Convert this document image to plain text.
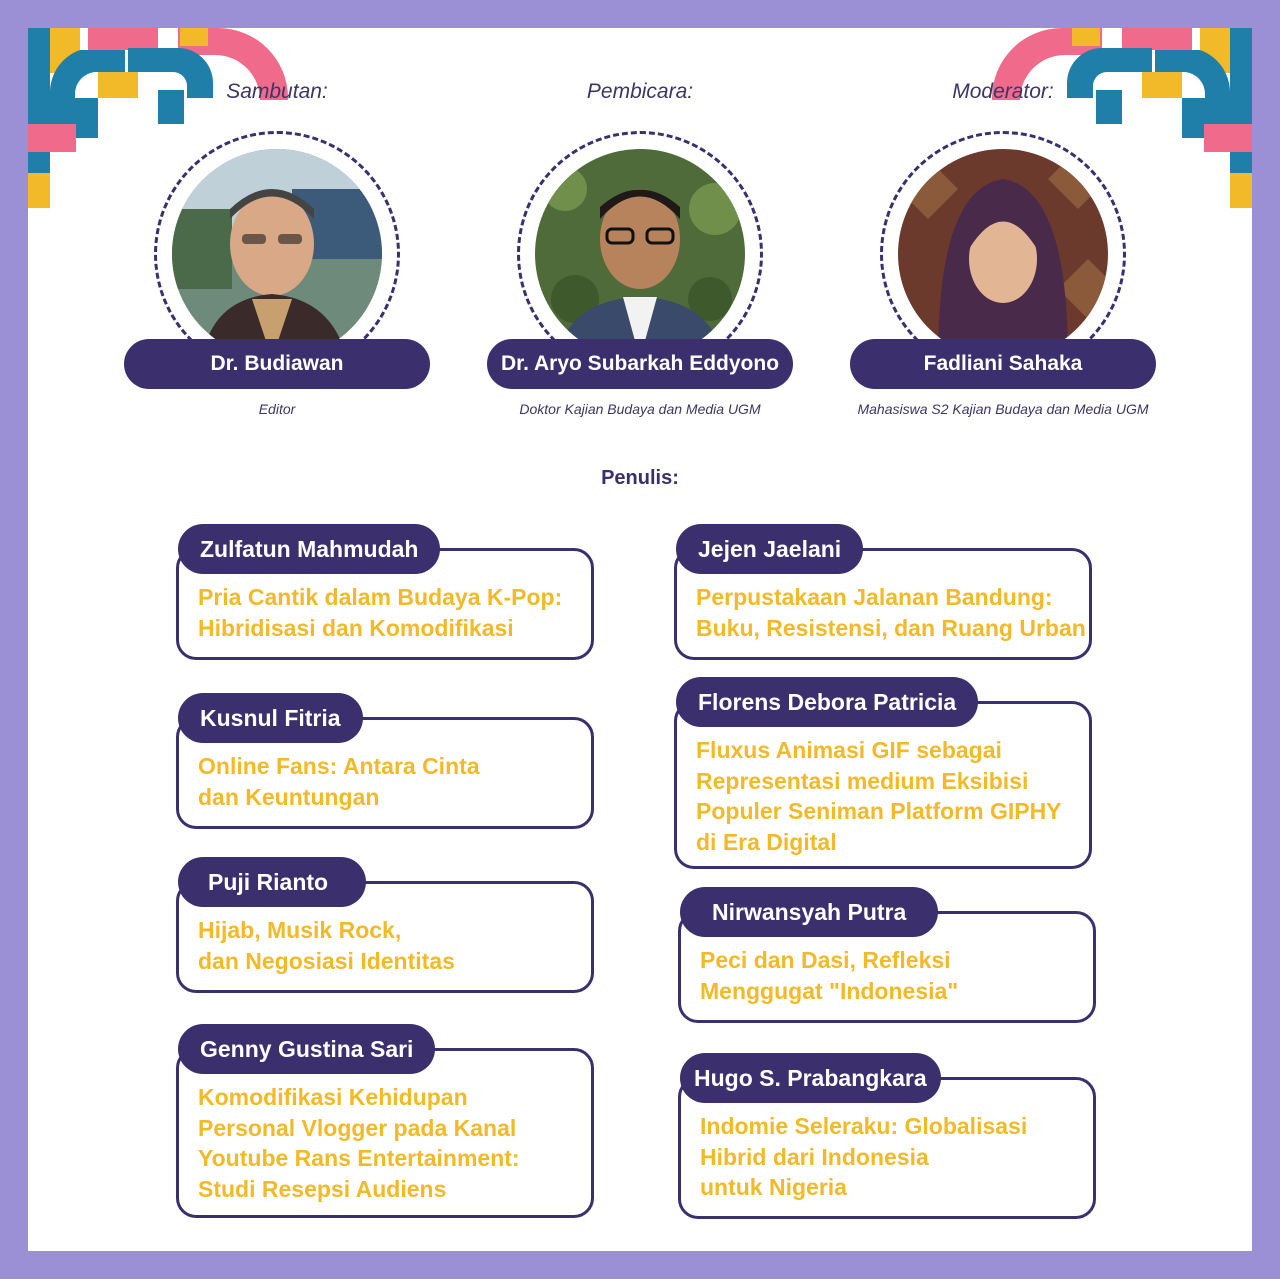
Sambutan:
Dr. Budiawan
Editor
Pembicara:
Dr. Aryo Subarkah Eddyono
Doktor Kajian Budaya dan Media UGM
Moderator:
Fadliani Sahaka
Mahasiswa S2 Kajian Budaya dan Media UGM
Penulis:
Zulfatun Mahmudah
Pria Cantik dalam Budaya K-Pop:
Hibridisasi dan Komodifikasi
Kusnul Fitria
Online Fans: Antara Cinta
dan Keuntungan
Puji Rianto
Hijab, Musik Rock,
dan Negosiasi Identitas
Genny Gustina Sari
Komodifikasi Kehidupan
Personal Vlogger pada Kanal
Youtube Rans Entertainment:
Studi Resepsi Audiens
Jejen Jaelani
Perpustakaan Jalanan Bandung:
Buku, Resistensi, dan Ruang Urban
Florens Debora Patricia
Fluxus Animasi GIF sebagai
Representasi medium Eksibisi
Populer Seniman Platform GIPHY
di Era Digital
Nirwansyah Putra
Peci dan Dasi, Refleksi
Menggugat "Indonesia"
Hugo S. Prabangkara
Indomie Seleraku: Globalisasi
Hibrid dari Indonesia
untuk Nigeria
